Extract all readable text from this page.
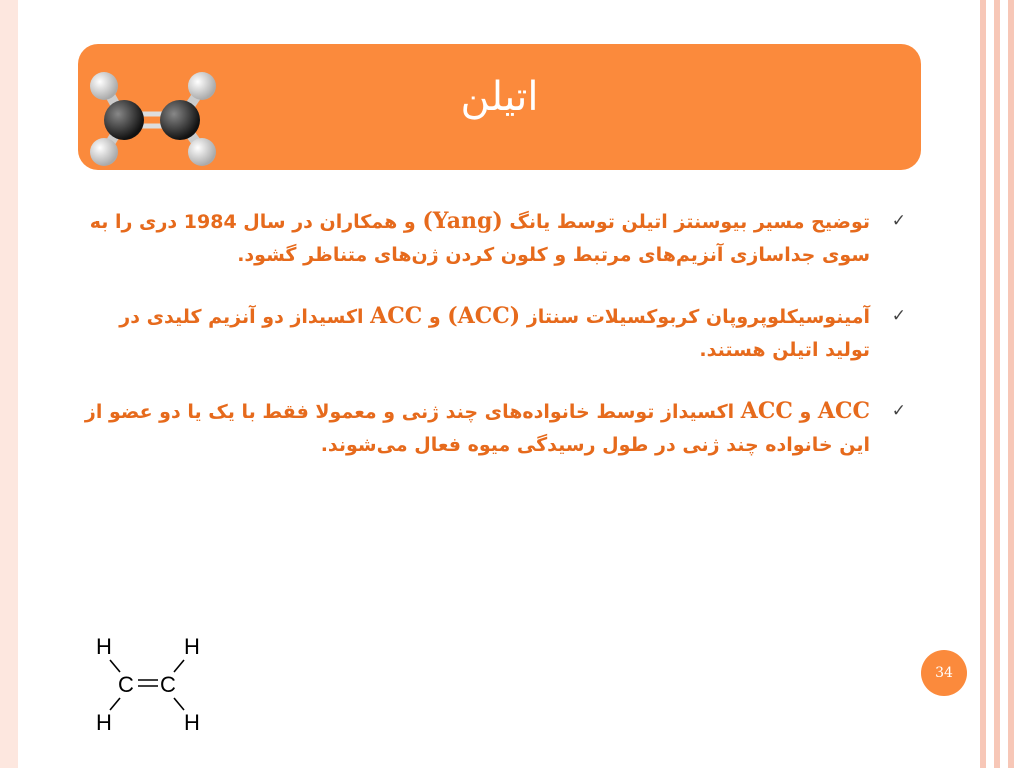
اتیلن
✓
توضیح مسیر بیوسنتز اتیلن توسط یانگ (Yang) و همکاران در سال 1984 دری را به سوی جداسازی آنزیم‌های مرتبط و کلون کردن ژن‌های متناظر گشود.
✓
آمینوسیکلوپروپان کربوکسیلات سنتاز (ACC) و ACC اکسیداز دو آنزیم کلیدی در تولید اتیلن هستند.
✓
ACC و ACC اکسیداز توسط خانواده‌های چند ژنی و معمولا فقط با یک یا دو عضو از این خانواده چند ژنی در طول رسیدگی میوه فعال می‌شوند.
H	H
C C
H	H
34
